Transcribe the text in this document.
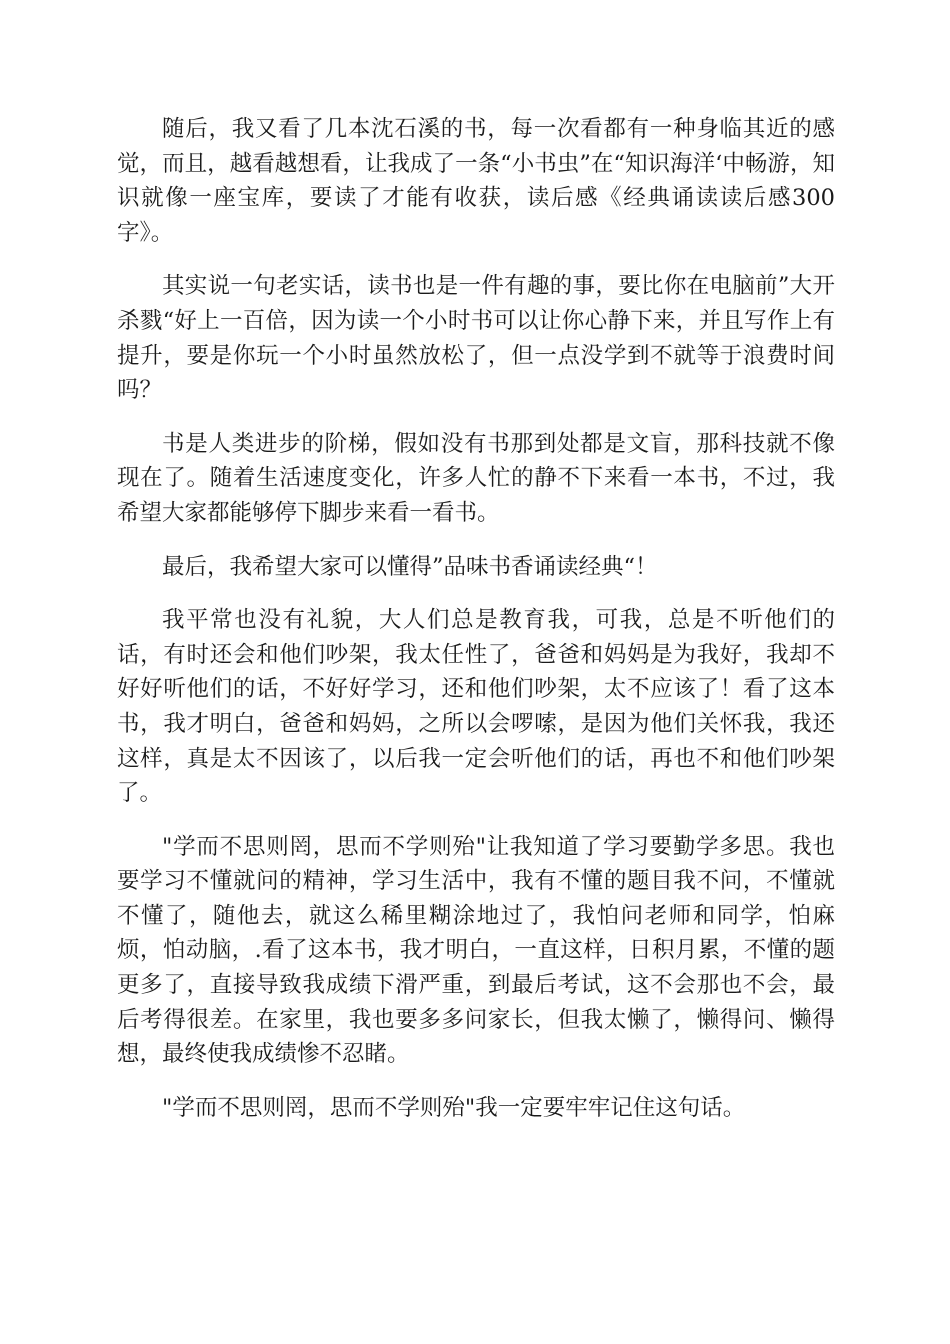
随后，我又看了几本沈石溪的书，每一次看都有一种身临其近的感觉，而且，越看越想看，让我成了一条“小书虫”在“知识海洋‘中畅游，知识就像一座宝库，要读了才能有收获，读后感《经典诵读读后感300字》。

其实说一句老实话，读书也是一件有趣的事，要比你在电脑前”大开杀戮“好上一百倍，因为读一个小时书可以让你心静下来，并且写作上有提升，要是你玩一个小时虽然放松了，但一点没学到不就等于浪费时间吗？

书是人类进步的阶梯，假如没有书那到处都是文盲，那科技就不像现在了。随着生活速度变化，许多人忙的静不下来看一本书，不过，我希望大家都能够停下脚步来看一看书。

最后，我希望大家可以懂得”品味书香诵读经典“！

我平常也没有礼貌，大人们总是教育我，可我，总是不听他们的话，有时还会和他们吵架，我太任性了，爸爸和妈妈是为我好，我却不好好听他们的话，不好好学习，还和他们吵架，太不应该了！看了这本书，我才明白，爸爸和妈妈，之所以会啰嗦，是因为他们关怀我，我还这样，真是太不因该了，以后我一定会听他们的话，再也不和他们吵架了。

"学而不思则罔，思而不学则殆"让我知道了学习要勤学多思。我也要学习不懂就问的精神，学习生活中，我有不懂的题目我不问，不懂就不懂了，随他去，就这么稀里糊涂地过了，我怕问老师和同学，怕麻烦，怕动脑，.看了这本书，我才明白，一直这样，日积月累，不懂的题更多了，直接导致我成绩下滑严重，到最后考试，这不会那也不会，最后考得很差。在家里，我也要多多问家长，但我太懒了，懒得问、懒得想，最终使我成绩惨不忍睹。

"学而不思则罔，思而不学则殆"我一定要牢牢记住这句话。
